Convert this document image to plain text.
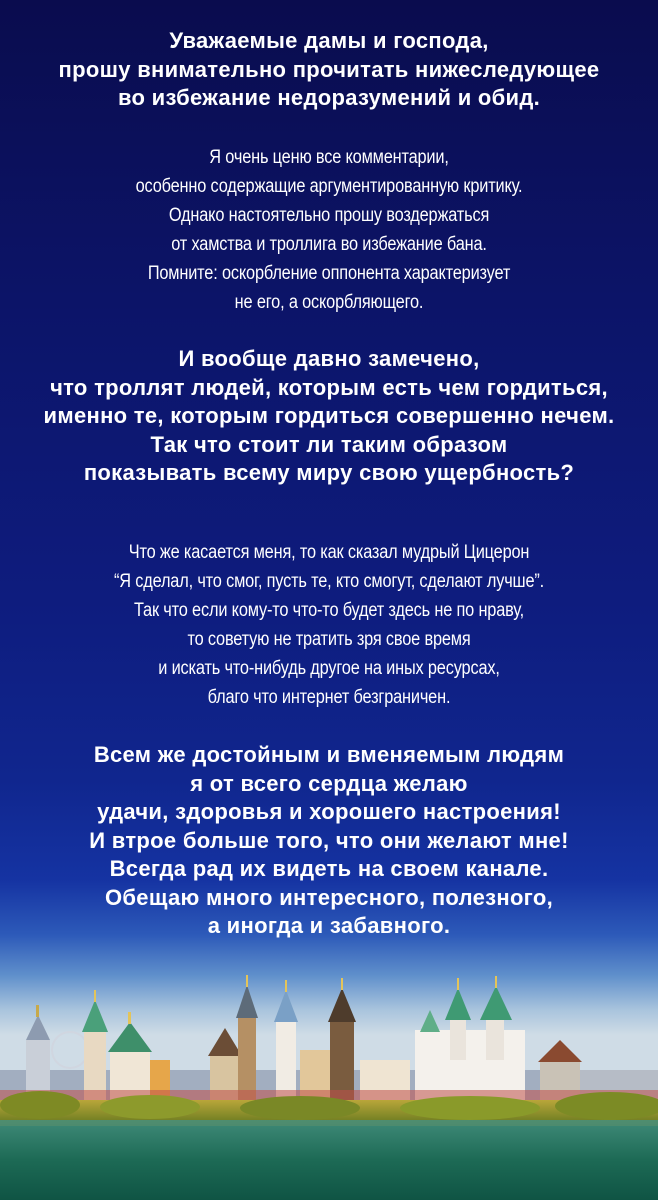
Уважаемые дамы и господа,
прошу внимательно прочитать нижеследующее
во избежание недоразумений и обид.
Я очень ценю все комментарии,
особенно содержащие аргументированную критику.
Однако настоятельно прошу воздержаться
от хамства и троллига во избежание бана.
Помните: оскорбление оппонента характеризует
не его, а оскорбляющего.
И вообще давно замечено,
что троллят людей, которым есть чем гордиться,
именно те, которым гордиться совершенно нечем.
Так что стоит ли таким образом
показывать всему миру свою ущербность?
Что же касается меня, то как сказал мудрый Цицерон
“Я сделал, что смог, пусть те, кто смогут, сделают лучше”.
Так что если кому-то что-то будет здесь не по нраву,
то советую не тратить зря свое время
и искать что-нибудь другое на иных ресурсах,
благо что интернет безграничен.
Всем же достойным и вменяемым людям
я от всего сердца желаю
удачи, здоровья и хорошего настроения!
И втрое больше того, что они желают мне!
Всегда рад их видеть на своем канале.
Обещаю много интересного, полезного,
а иногда и забавного.
